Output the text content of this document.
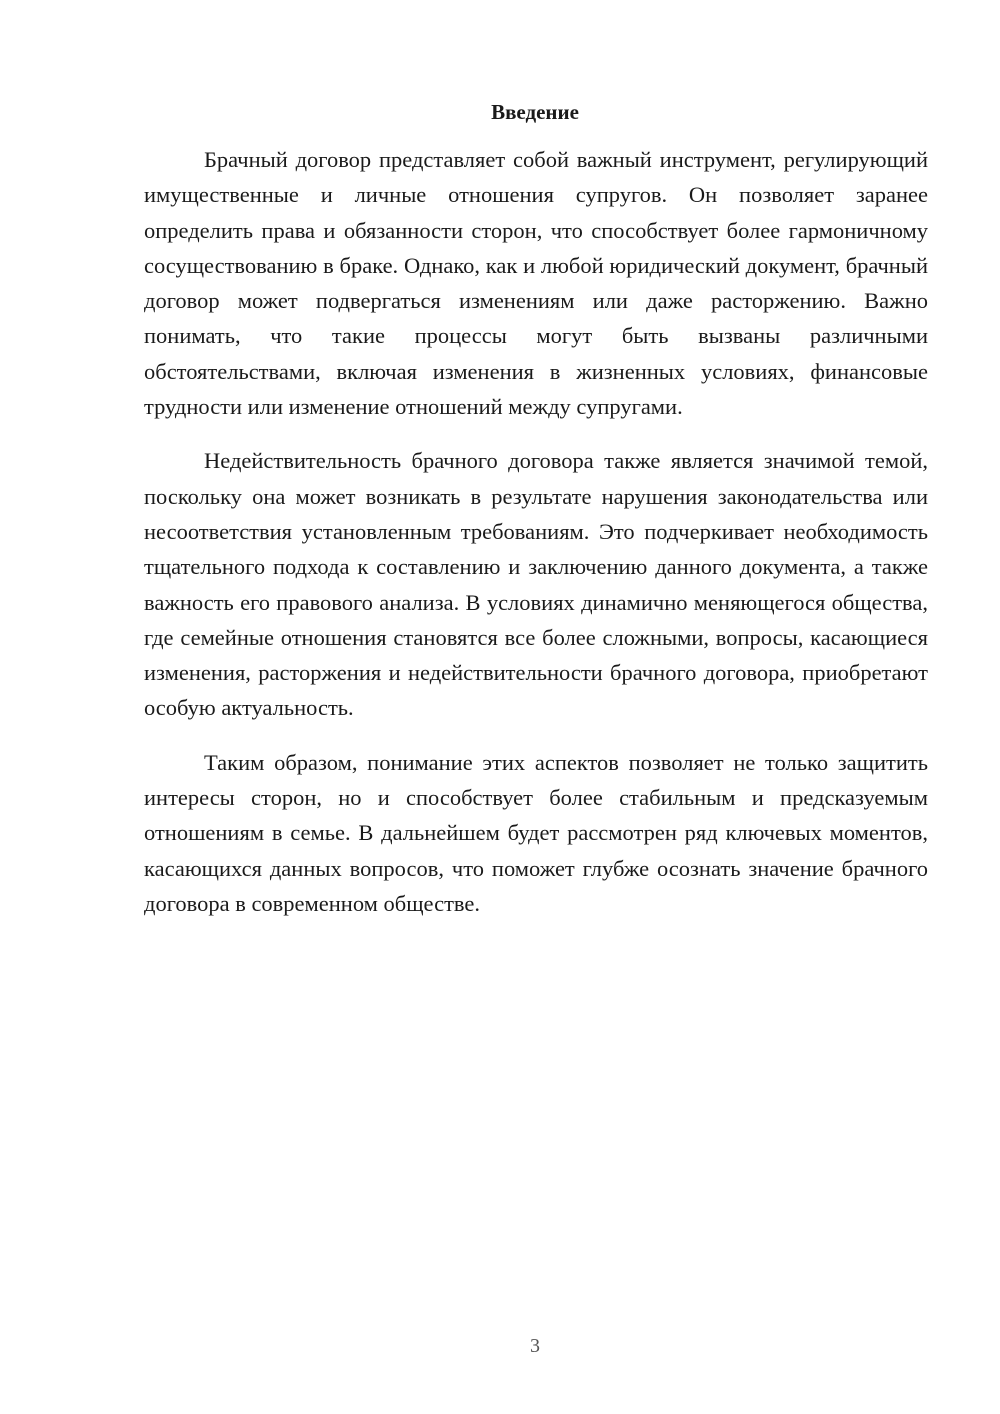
Введение

Брачный договор представляет собой важный инструмент, регулирующий имущественные и личные отношения супругов. Он позволяет заранее определить права и обязанности сторон, что способствует более гармоничному сосуществованию в браке. Однако, как и любой юридический документ, брачный договор может подвергаться изменениям или даже расторжению. Важно понимать, что такие процессы могут быть вызваны различными обстоятельствами, включая изменения в жизненных условиях, финансовые трудности или изменение отношений между супругами.

Недействительность брачного договора также является значимой темой, поскольку она может возникать в результате нарушения законодательства или несоответствия установленным требованиям. Это подчеркивает необходимость тщательного подхода к составлению и заключению данного документа, а также важность его правового анализа. В условиях динамично меняющегося общества, где семейные отношения становятся все более сложными, вопросы, касающиеся изменения, расторжения и недействительности брачного договора, приобретают особую актуальность.

Таким образом, понимание этих аспектов позволяет не только защитить интересы сторон, но и способствует более стабильным и предсказуемым отношениям в семье. В дальнейшем будет рассмотрен ряд ключевых моментов, касающихся данных вопросов, что поможет глубже осознать значение брачного договора в современном обществе.

3
